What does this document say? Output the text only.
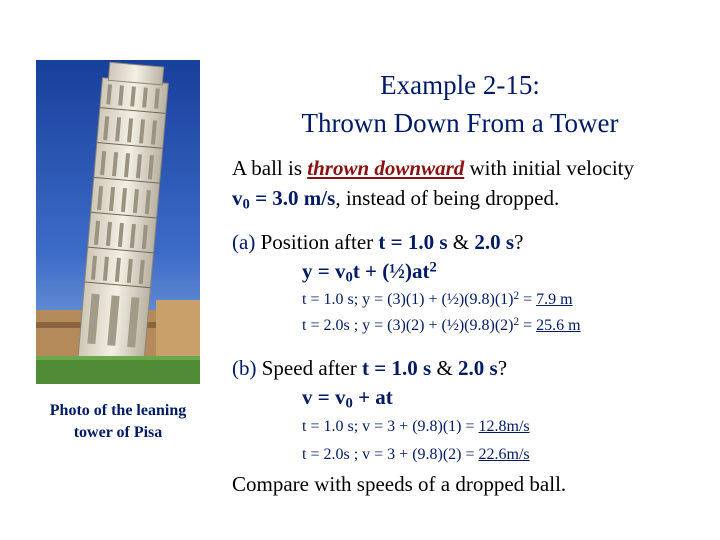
Photo of the leaning
tower of Pisa
Example 2-15:
Thrown Down From a Tower
A ball is thrown downward with initial velocity
$v_0 = 3.0$ m/s, instead of being dropped.
(a) Position after t = 1.0 s & 2.0 s?
$y = v_0t$ + $(\frac{1}{2})at^2$
t = 1.0 s; $y = (3)(1) + (\frac{1}{2})(9.8)(1)^2 = 7.9$ m
t = 2.0s ; $y = (3)(2) + (\frac{1}{2})(9.8)(2)^2 = 25.6$ m
(b) Speed after t = 1.0 s & 2.0 s?
$v = v_0$ + at
t = 1.0 s; v = 3 + (9.8)(1) = 12.8m/s
t = 2.0s ; v = 3 + (9.8)(2) = 22.6m/s
Compare with speeds of a dropped ball.
